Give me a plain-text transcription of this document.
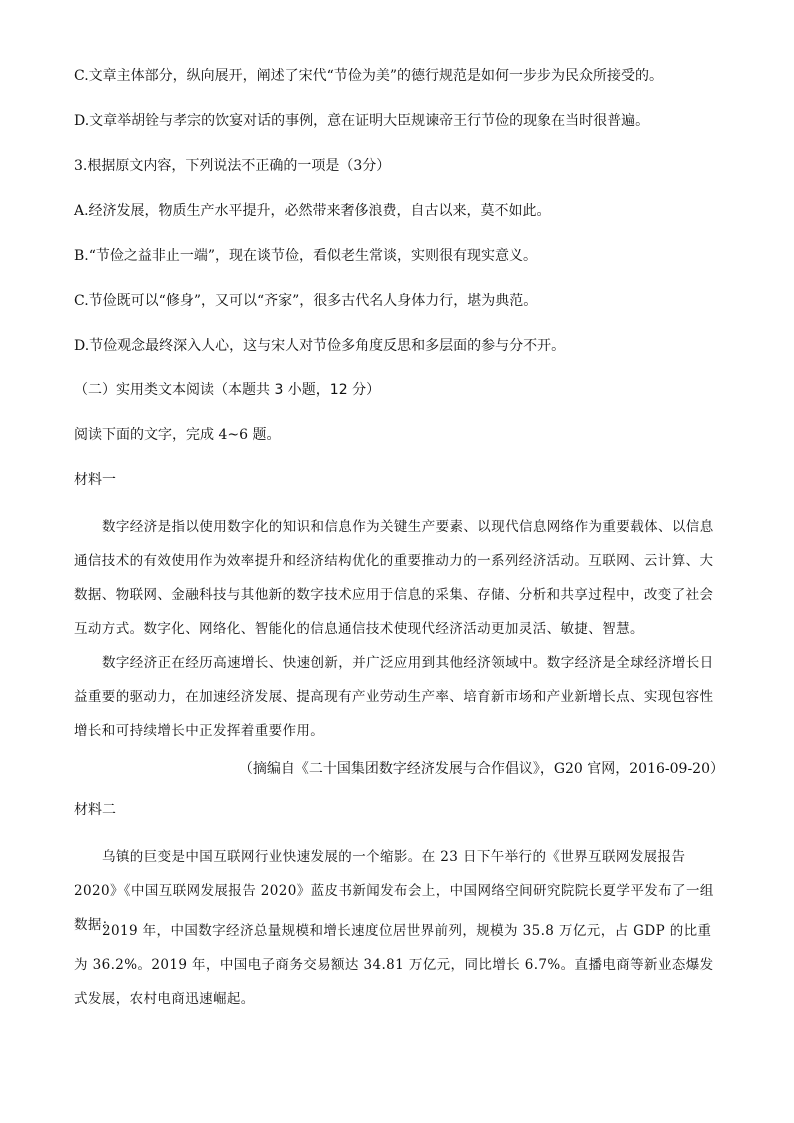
C.文章主体部分，纵向展开，阐述了宋代“节俭为美”的德行规范是如何一步步为民众所接受的。
D.文章举胡铨与孝宗的饮宴对话的事例，意在证明大臣规谏帝王行节俭的现象在当时很普遍。
3.根据原文内容，下列说法不正确的一项是（3分）
A.经济发展，物质生产水平提升，必然带来奢侈浪费，自古以来，莫不如此。
B.“节俭之益非止一端”，现在谈节俭，看似老生常谈，实则很有现实意义。
C.节俭既可以“修身”，又可以“齐家”，很多古代名人身体力行，堪为典范。
D.节俭观念最终深入人心，这与宋人对节俭多角度反思和多层面的参与分不开。
（二）实用类文本阅读（本题共 3 小题，12 分）
阅读下面的文字，完成 4~6 题。
材料一
数字经济是指以使用数字化的知识和信息作为关键生产要素、以现代信息网络作为重要载体、以信息通信技术的有效使用作为效率提升和经济结构优化的重要推动力的一系列经济活动。互联网、云计算、大数据、物联网、金融科技与其他新的数字技术应用于信息的采集、存储、分析和共享过程中，改变了社会互动方式。数字化、网络化、智能化的信息通信技术使现代经济活动更加灵活、敏捷、智慧。
数字经济正在经历高速增长、快速创新，并广泛应用到其他经济领域中。数字经济是全球经济增长日益重要的驱动力，在加速经济发展、提高现有产业劳动生产率、培育新市场和产业新增长点、实现包容性增长和可持续增长中正发挥着重要作用。
（摘编自《二十国集团数字经济发展与合作倡议》，G20 官网，2016-09-20）
材料二
乌镇的巨变是中国互联网行业快速发展的一个缩影。在 23 日下午举行的《世界互联网发展报告 2020》《中国互联网发展报告 2020》蓝皮书新闻发布会上，中国网络空间研究院院长夏学平发布了一组数据：
2019 年，中国数字经济总量规模和增长速度位居世界前列，规模为 35.8 万亿元，占 GDP 的比重为 36.2%。2019 年，中国电子商务交易额达 34.81 万亿元，同比增长 6.7%。直播电商等新业态爆发式发展，农村电商迅速崛起。
